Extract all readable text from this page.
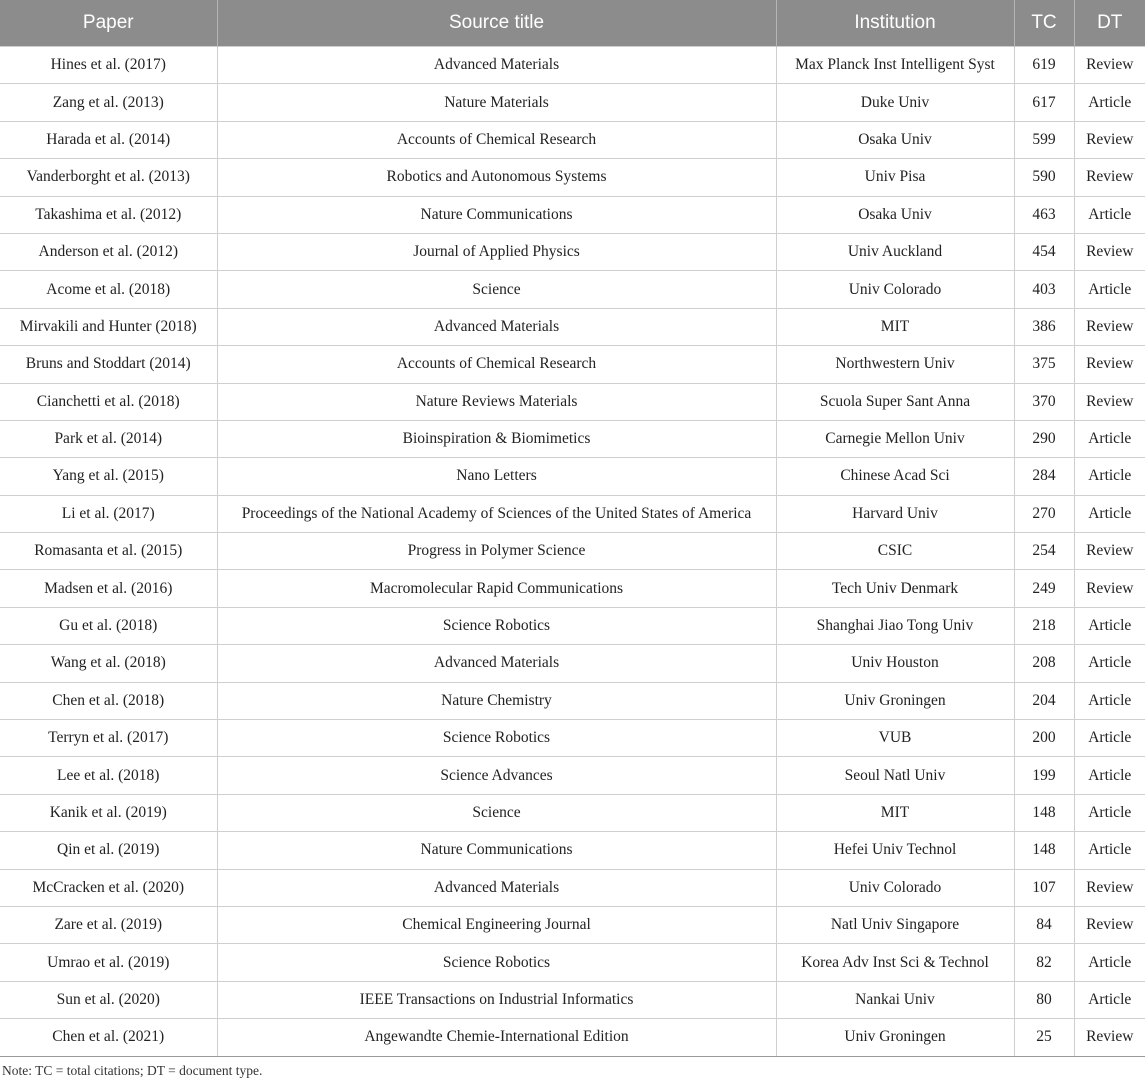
Paper	Source title	Institution	TC	DT
Hines et al. (2017)	Advanced Materials	Max Planck Inst Intelligent Syst	619	Review
Zang et al. (2013)	Nature Materials	Duke Univ	617	Article
Harada et al. (2014)	Accounts of Chemical Research	Osaka Univ	599	Review
Vanderborght et al. (2013)	Robotics and Autonomous Systems	Univ Pisa	590	Review
Takashima et al. (2012)	Nature Communications	Osaka Univ	463	Article
Anderson et al. (2012)	Journal of Applied Physics	Univ Auckland	454	Review
Acome et al. (2018)	Science	Univ Colorado	403	Article
Mirvakili and Hunter (2018)	Advanced Materials	MIT	386	Review
Bruns and Stoddart (2014)	Accounts of Chemical Research	Northwestern Univ	375	Review
Cianchetti et al. (2018)	Nature Reviews Materials	Scuola Super Sant Anna	370	Review
Park et al. (2014)	Bioinspiration & Biomimetics	Carnegie Mellon Univ	290	Article
Yang et al. (2015)	Nano Letters	Chinese Acad Sci	284	Article
Li et al. (2017)	Proceedings of the National Academy of Sciences of the United States of America	Harvard Univ	270	Article
Romasanta et al. (2015)	Progress in Polymer Science	CSIC	254	Review
Madsen et al. (2016)	Macromolecular Rapid Communications	Tech Univ Denmark	249	Review
Gu et al. (2018)	Science Robotics	Shanghai Jiao Tong Univ	218	Article
Wang et al. (2018)	Advanced Materials	Univ Houston	208	Article
Chen et al. (2018)	Nature Chemistry	Univ Groningen	204	Article
Terryn et al. (2017)	Science Robotics	VUB	200	Article
Lee et al. (2018)	Science Advances	Seoul Natl Univ	199	Article
Kanik et al. (2019)	Science	MIT	148	Article
Qin et al. (2019)	Nature Communications	Hefei Univ Technol	148	Article
McCracken et al. (2020)	Advanced Materials	Univ Colorado	107	Review
Zare et al. (2019)	Chemical Engineering Journal	Natl Univ Singapore	84	Review
Umrao et al. (2019)	Science Robotics	Korea Adv Inst Sci & Technol	82	Article
Sun et al. (2020)	IEEE Transactions on Industrial Informatics	Nankai Univ	80	Article
Chen et al. (2021)	Angewandte Chemie-International Edition	Univ Groningen	25	Review
Note: TC = total citations; DT = document type.
